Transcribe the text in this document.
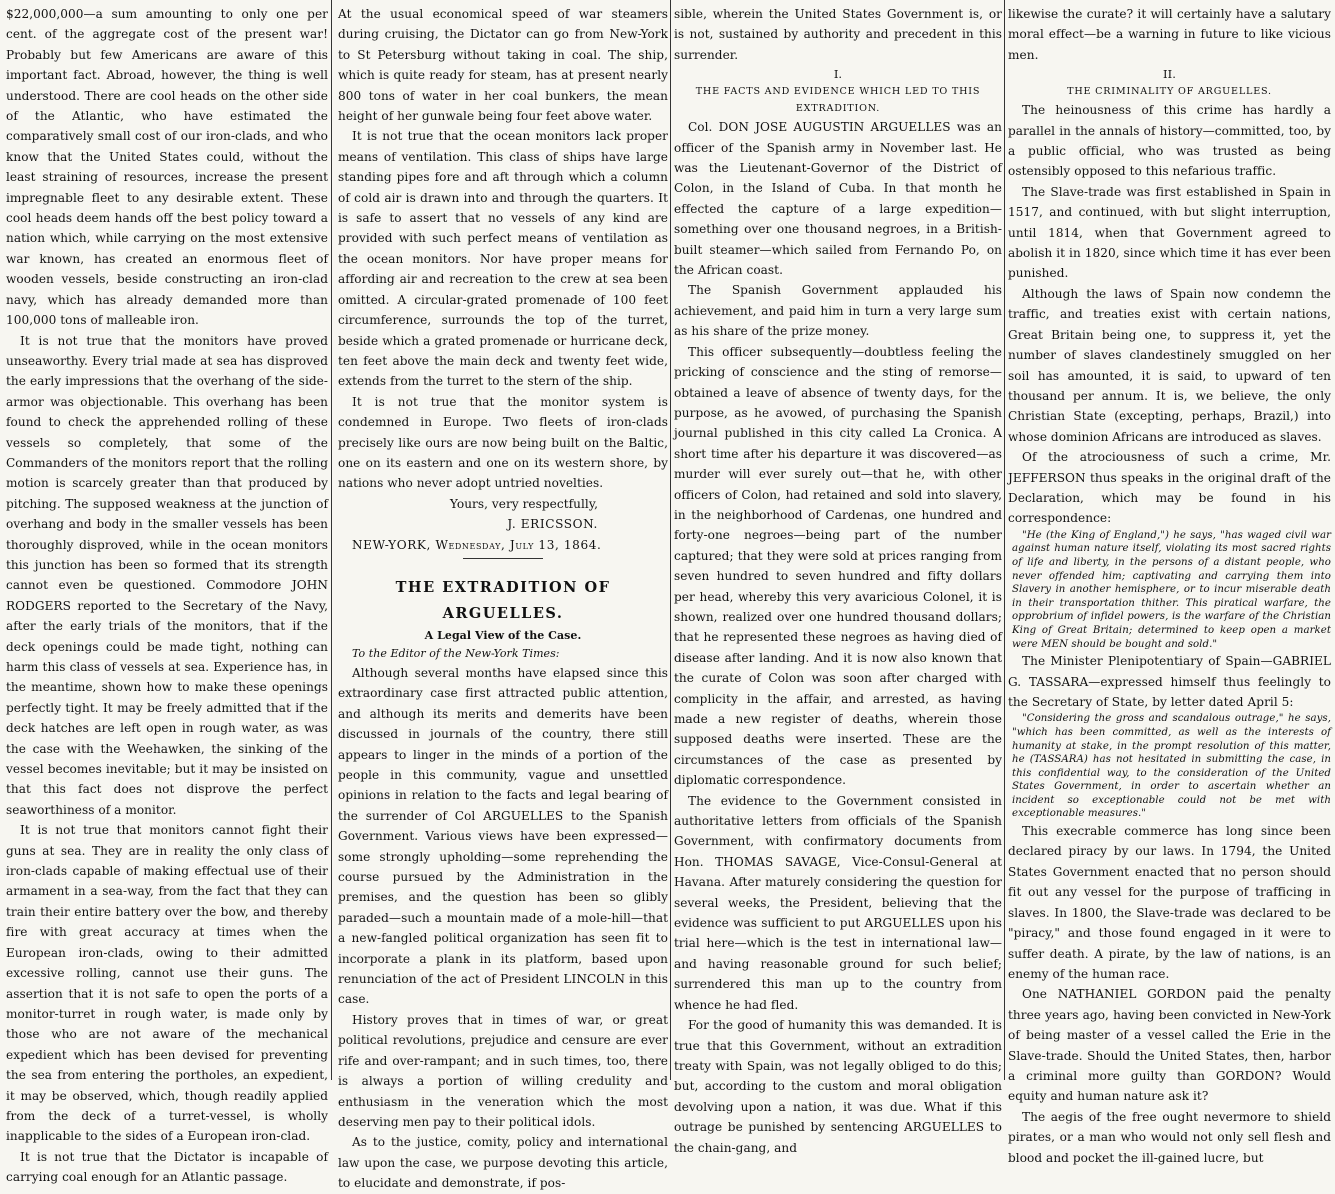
$22,000,000—a sum amounting to only one per cent. of the aggregate cost of the present war! Probably but few Americans are aware of this important fact. Abroad, however, the thing is well understood. There are cool heads on the other side of the Atlantic, who have estimated the comparatively small cost of our iron-clads, and who know that the United States could, without the least straining of resources, increase the present impregnable fleet to any desirable extent. These cool heads deem hands off the best policy toward a nation which, while carrying on the most extensive war known, has created an enormous fleet of wooden vessels, beside constructing an iron-clad navy, which has already demanded more than 100,000 tons of malleable iron.

It is not true that the monitors have proved unseaworthy. Every trial made at sea has disproved the early impressions that the overhang of the side-armor was objectionable. This overhang has been found to check the apprehended rolling of these vessels so completely, that some of the Commanders of the monitors report that the rolling motion is scarcely greater than that produced by pitching. The supposed weakness at the junction of overhang and body in the smaller vessels has been thoroughly disproved, while in the ocean monitors this junction has been so formed that its strength cannot even be questioned. Commodore JOHN RODGERS reported to the Secretary of the Navy, after the early trials of the monitors, that if the deck openings could be made tight, nothing can harm this class of vessels at sea. Experience has, in the meantime, shown how to make these openings perfectly tight. It may be freely admitted that if the deck hatches are left open in rough water, as was the case with the Weehawken, the sinking of the vessel becomes inevitable; but it may be insisted on that this fact does not disprove the perfect seaworthiness of a monitor.

It is not true that monitors cannot fight their guns at sea. They are in reality the only class of iron-clads capable of making effectual use of their armament in a sea-way, from the fact that they can train their entire battery over the bow, and thereby fire with great accuracy at times when the European iron-clads, owing to their admitted excessive rolling, cannot use their guns. The assertion that it is not safe to open the ports of a monitor-turret in rough water, is made only by those who are not aware of the mechanical expedient which has been devised for preventing the sea from entering the portholes, an expedient, it may be observed, which, though readily applied from the deck of a turret-vessel, is wholly inapplicable to the sides of a European iron-clad.

It is not true that the Dictator is incapable of carrying coal enough for an Atlantic passage.

At the usual economical speed of war steamers during cruising, the Dictator can go from New-York to St Petersburg without taking in coal. The ship, which is quite ready for steam, has at present nearly 800 tons of water in her coal bunkers, the mean height of her gunwale being four feet above water.

It is not true that the ocean monitors lack proper means of ventilation. This class of ships have large standing pipes fore and aft through which a column of cold air is drawn into and through the quarters. It is safe to assert that no vessels of any kind are provided with such perfect means of ventilation as the ocean monitors. Nor have proper means for affording air and recreation to the crew at sea been omitted. A circular-grated promenade of 100 feet circumference, surrounds the top of the turret, beside which a grated promenade or hurricane deck, ten feet above the main deck and twenty feet wide, extends from the turret to the stern of the ship.

It is not true that the monitor system is condemned in Europe. Two fleets of iron-clads precisely like ours are now being built on the Baltic, one on its eastern and one on its western shore, by nations who never adopt untried novelties.

Yours, very respectfully,

J. ERICSSON.

NEW-YORK, Wednesday, July 13, 1864.

THE EXTRADITION OF ARGUELLES.

A Legal View of the Case.

To the Editor of the New-York Times:

Although several months have elapsed since this extraordinary case first attracted public attention, and although its merits and demerits have been discussed in journals of the country, there still appears to linger in the minds of a portion of the people in this community, vague and unsettled opinions in relation to the facts and legal bearing of the surrender of Col ARGUELLES to the Spanish Government. Various views have been expressed—some strongly upholding—some reprehending the course pursued by the Administration in the premises, and the question has been so glibly paraded—such a mountain made of a mole-hill—that a new-fangled political organization has seen fit to incorporate a plank in its platform, based upon renunciation of the act of President LINCOLN in this case.

History proves that in times of war, or great political revolutions, prejudice and censure are ever rife and over-rampant; and in such times, too, there is always a portion of willing credulity and enthusiasm in the veneration which the most deserving men pay to their political idols.

As to the justice, comity, policy and international law upon the case, we purpose devoting this article, to elucidate and demonstrate, if pos-

sible, wherein the United States Government is, or is not, sustained by authority and precedent in this surrender.

I.

THE FACTS AND EVIDENCE WHICH LED TO THIS EXTRADITION.

Col. DON JOSE AUGUSTIN ARGUELLES was an officer of the Spanish army in November last. He was the Lieutenant-Governor of the District of Colon, in the Island of Cuba. In that month he effected the capture of a large expedition—something over one thousand negroes, in a British-built steamer—which sailed from Fernando Po, on the African coast.

The Spanish Government applauded his achievement, and paid him in turn a very large sum as his share of the prize money.

This officer subsequently—doubtless feeling the pricking of conscience and the sting of remorse—obtained a leave of absence of twenty days, for the purpose, as he avowed, of purchasing the Spanish journal published in this city called La Cronica. A short time after his departure it was discovered—as murder will ever surely out—that he, with other officers of Colon, had retained and sold into slavery, in the neighborhood of Cardenas, one hundred and forty-one negroes—being part of the number captured; that they were sold at prices ranging from seven hundred to seven hundred and fifty dollars per head, whereby this very avaricious Colonel, it is shown, realized over one hundred thousand dollars; that he represented these negroes as having died of disease after landing. And it is now also known that the curate of Colon was soon after charged with complicity in the affair, and arrested, as having made a new register of deaths, wherein those supposed deaths were inserted. These are the circumstances of the case as presented by diplomatic correspondence.

The evidence to the Government consisted in authoritative letters from officials of the Spanish Government, with confirmatory documents from Hon. THOMAS SAVAGE, Vice-Consul-General at Havana. After maturely considering the question for several weeks, the President, believing that the evidence was sufficient to put ARGUELLES upon his trial here—which is the test in international law—and having reasonable ground for such belief; surrendered this man up to the country from whence he had fled.

For the good of humanity this was demanded. It is true that this Government, without an extradition treaty with Spain, was not legally obliged to do this; but, according to the custom and moral obligation devolving upon a nation, it was due. What if this outrage be punished by sentencing ARGUELLES to the chain-gang, and

likewise the curate? it will certainly have a salutary moral effect—be a warning in future to like vicious men.

II.

THE CRIMINALITY OF ARGUELLES.

The heinousness of this crime has hardly a parallel in the annals of history—committed, too, by a public official, who was trusted as being ostensibly opposed to this nefarious traffic.

The Slave-trade was first established in Spain in 1517, and continued, with but slight interruption, until 1814, when that Government agreed to abolish it in 1820, since which time it has ever been punished.

Although the laws of Spain now condemn the traffic, and treaties exist with certain nations, Great Britain being one, to suppress it, yet the number of slaves clandestinely smuggled on her soil has amounted, it is said, to upward of ten thousand per annum. It is, we believe, the only Christian State (excepting, perhaps, Brazil,) into whose dominion Africans are introduced as slaves.

Of the atrociousness of such a crime, Mr. JEFFERSON thus speaks in the original draft of the Declaration, which may be found in his correspondence:

"He (the King of England,") he says, "has waged civil war against human nature itself, violating its most sacred rights of life and liberty, in the persons of a distant people, who never offended him; captivating and carrying them into Slavery in another hemisphere, or to incur miserable death in their transportation thither. This piratical warfare, the opprobrium of infidel powers, is the warfare of the Christian King of Great Britain; determined to keep open a market were MEN should be bought and sold."

The Minister Plenipotentiary of Spain—GABRIEL G. TASSARA—expressed himself thus feelingly to the Secretary of State, by letter dated April 5:

"Considering the gross and scandalous outrage," he says, "which has been committed, as well as the interests of humanity at stake, in the prompt resolution of this matter, he (TASSARA) has not hesitated in submitting the case, in this confidential way, to the consideration of the United States Government, in order to ascertain whether an incident so exceptionable could not be met with exceptionable measures."

This execrable commerce has long since been declared piracy by our laws. In 1794, the United States Government enacted that no person should fit out any vessel for the purpose of trafficing in slaves. In 1800, the Slave-trade was declared to be "piracy," and those found engaged in it were to suffer death. A pirate, by the law of nations, is an enemy of the human race.

One NATHANIEL GORDON paid the penalty three years ago, having been convicted in New-York of being master of a vessel called the Erie in the Slave-trade. Should the United States, then, harbor a criminal more guilty than GORDON? Would equity and human nature ask it?

The aegis of the free ought nevermore to shield pirates, or a man who would not only sell flesh and blood and pocket the ill-gained lucre, but
